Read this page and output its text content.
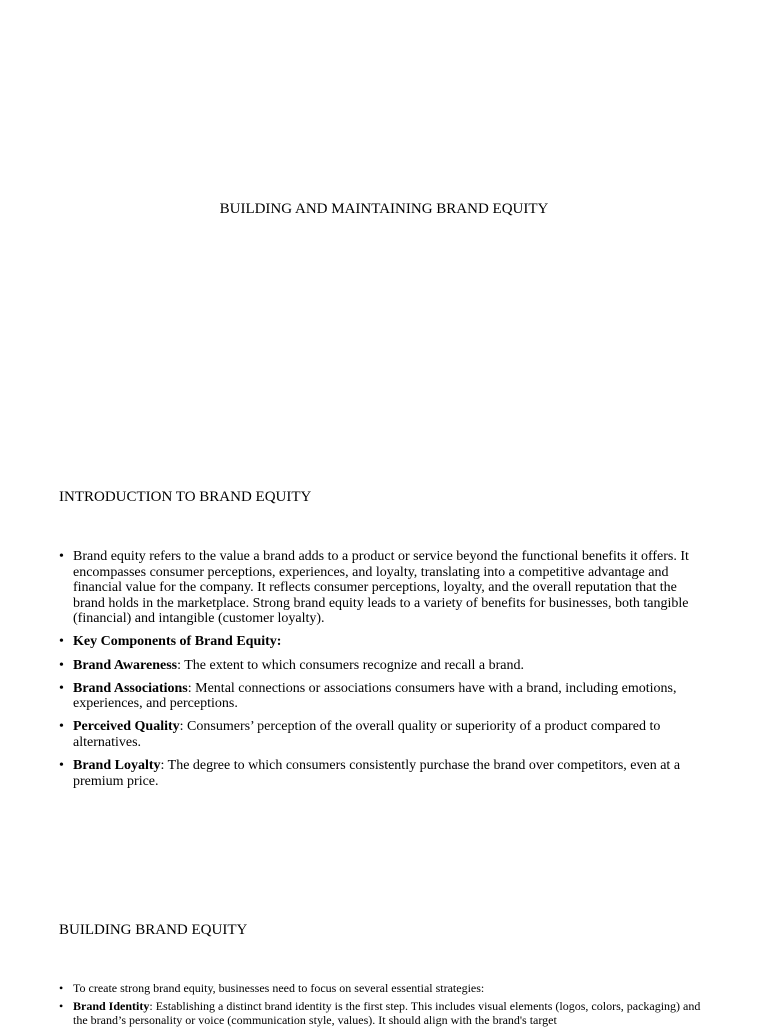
BUILDING AND MAINTAINING BRAND EQUITY
INTRODUCTION TO BRAND EQUITY
• Brand equity refers to the value a brand adds to a product or service beyond the functional benefits it offers. It encompasses consumer perceptions, experiences, and loyalty, translating into a competitive advantage and financial value for the company. It reflects consumer perceptions, loyalty, and the overall reputation that the brand holds in the marketplace. Strong brand equity leads to a variety of benefits for businesses, both tangible (financial) and intangible (customer loyalty).
• Key Components of Brand Equity:
• Brand Awareness: The extent to which consumers recognize and recall a brand.
• Brand Associations: Mental connections or associations consumers have with a brand, including emotions, experiences, and perceptions.
• Perceived Quality: Consumers’ perception of the overall quality or superiority of a product compared to alternatives.
• Brand Loyalty: The degree to which consumers consistently purchase the brand over competitors, even at a premium price.
BUILDING BRAND EQUITY
• To create strong brand equity, businesses need to focus on several essential strategies:
• Brand Identity: Establishing a distinct brand identity is the first step. This includes visual elements (logos, colors, packaging) and the brand’s personality or voice (communication style, values). It should align with the brand's target
